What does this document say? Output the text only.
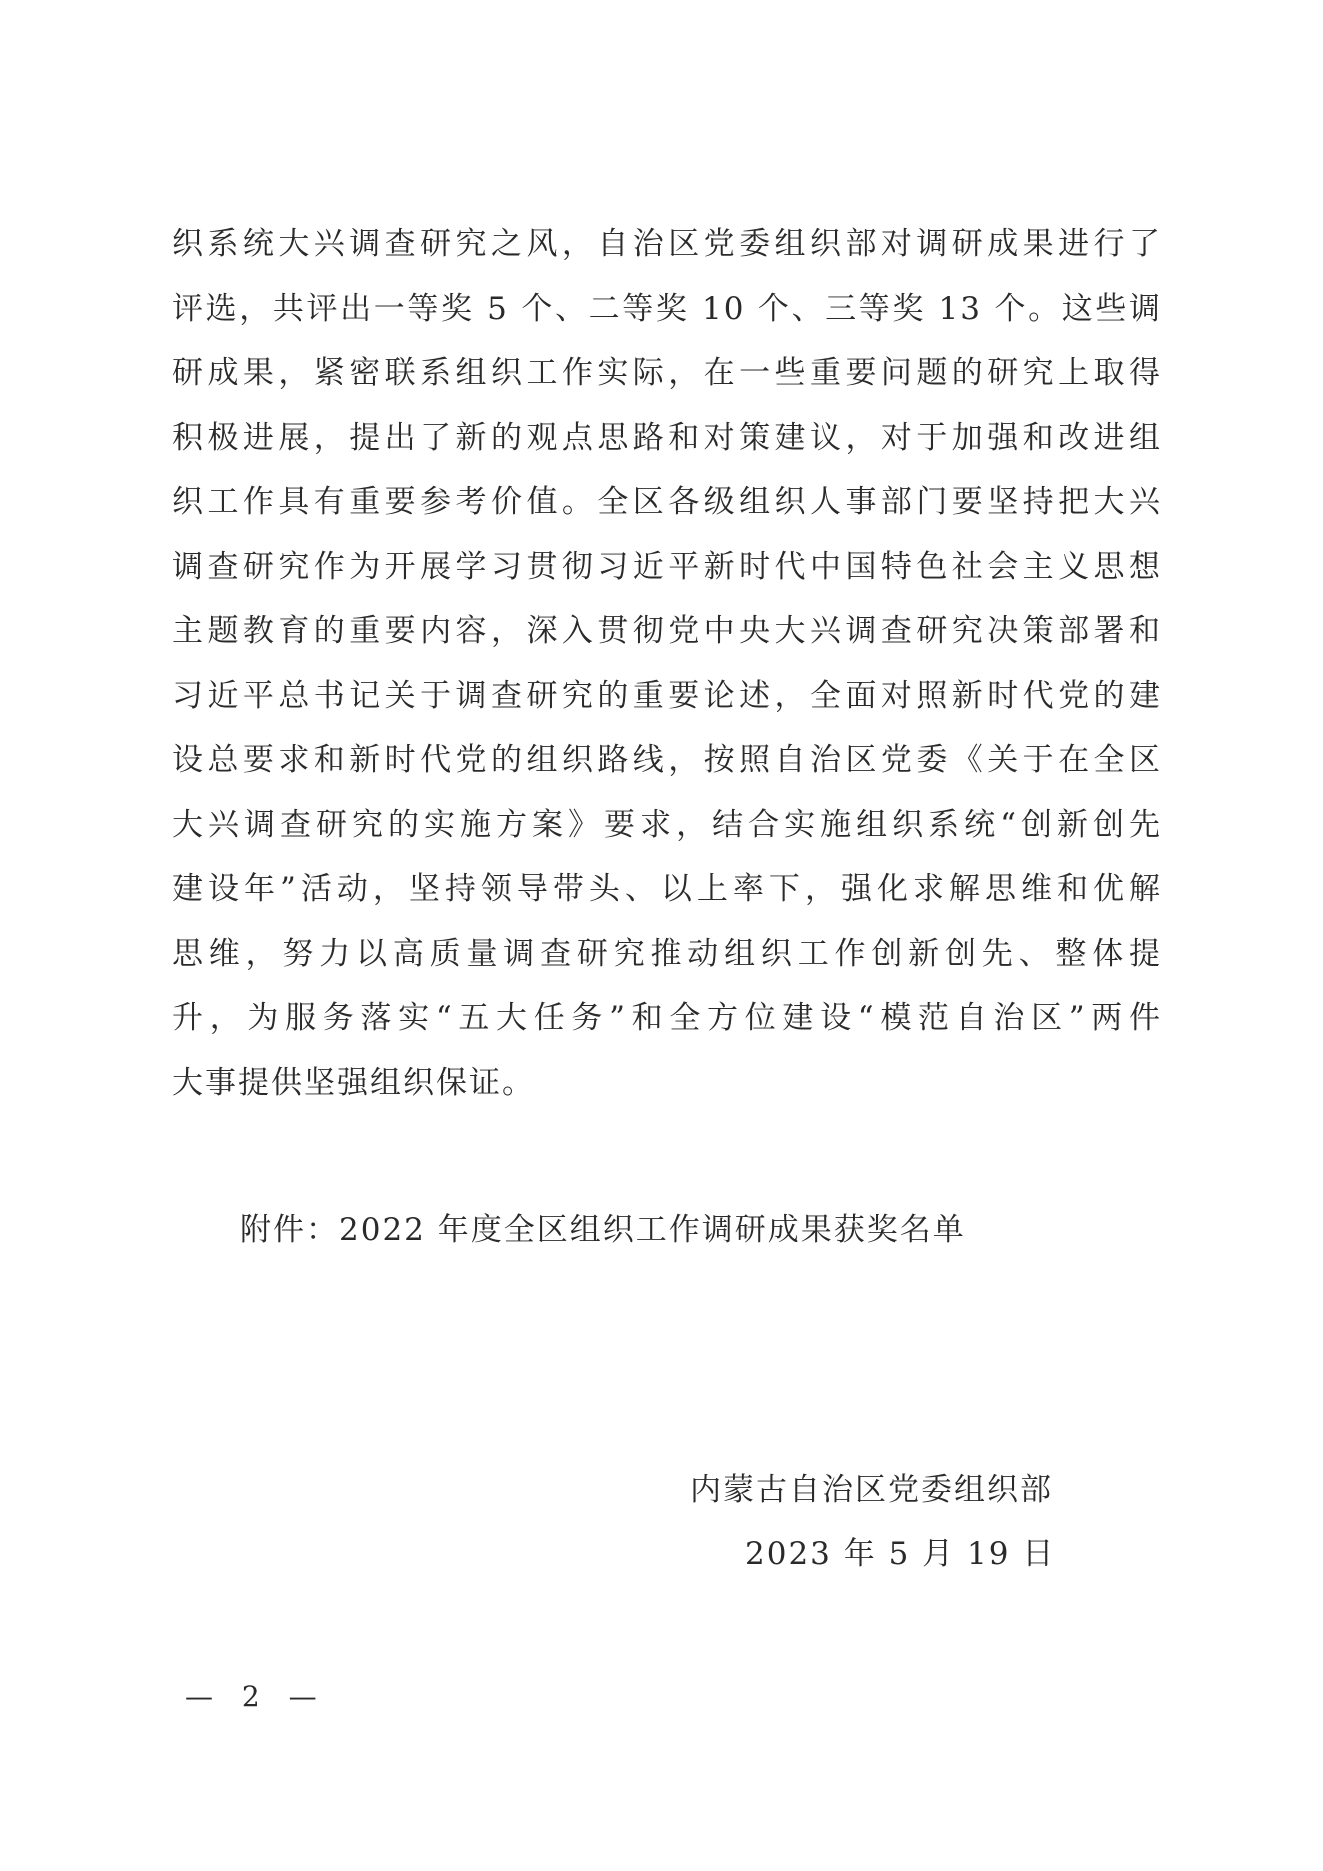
织系统大兴调查研究之风，自治区党委组织部对调研成果进行了
评选，共评出一等奖 5 个、二等奖 10 个、三等奖 13 个。这些调
研成果，紧密联系组织工作实际，在一些重要问题的研究上取得
积极进展，提出了新的观点思路和对策建议，对于加强和改进组
织工作具有重要参考价值。全区各级组织人事部门要坚持把大兴
调查研究作为开展学习贯彻习近平新时代中国特色社会主义思想
主题教育的重要内容，深入贯彻党中央大兴调查研究决策部署和
习近平总书记关于调查研究的重要论述，全面对照新时代党的建
设总要求和新时代党的组织路线，按照自治区党委《关于在全区
大兴调查研究的实施方案》要求，结合实施组织系统“创新创先
建设年”活动，坚持领导带头、以上率下，强化求解思维和优解
思维，努力以高质量调查研究推动组织工作创新创先、整体提
升，为服务落实“五大任务”和全方位建设“模范自治区”两件
大事提供坚强组织保证。
附件：2022 年度全区组织工作调研成果获奖名单
内蒙古自治区党委组织部
2023 年 5 月 19 日
— 2 —
